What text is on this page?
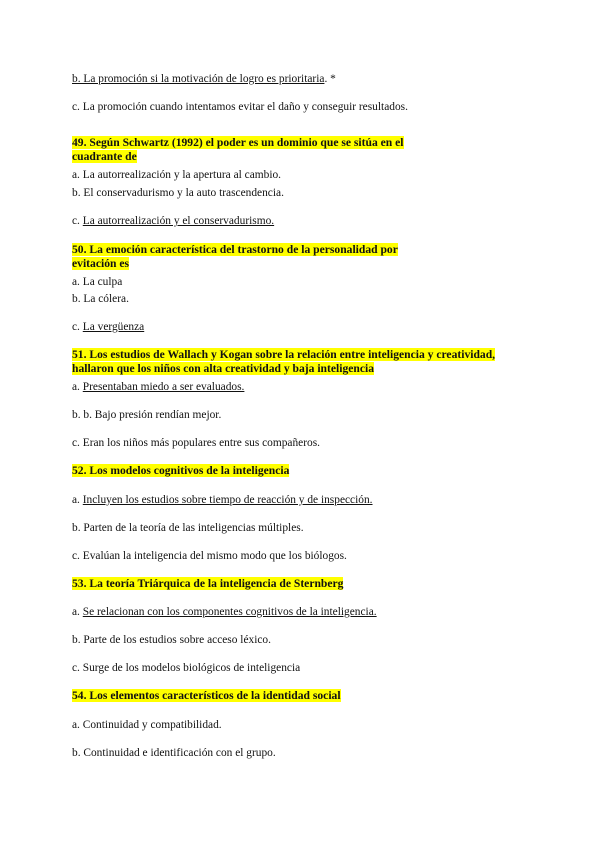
b. La promoción si la motivación de logro es prioritaria. *
c. La promoción cuando intentamos evitar el daño y conseguir resultados.
49. Según Schwartz (1992) el poder es un dominio que se sitúa en el
cuadrante de
a. La autorrealización y la apertura al cambio.
b. El conservadurismo y la auto trascendencia.
c. La autorrealización y el conservadurismo.
50. La emoción característica del trastorno de la personalidad por
evitación es
a. La culpa
b. La cólera.
c. La vergüenza
51. Los estudios de Wallach y Kogan sobre la relación entre inteligencia y creatividad,
hallaron que los niños con alta creatividad y baja inteligencia
a. Presentaban miedo a ser evaluados.
b. b. Bajo presión rendían mejor.
c. Eran los niños más populares entre sus compañeros.
52. Los modelos cognitivos de la inteligencia
a. Incluyen los estudios sobre tiempo de reacción y de inspección.
b. Parten de la teoría de las inteligencias múltiples.
c. Evalúan la inteligencia del mismo modo que los biólogos.
53. La teoría Triárquica de la inteligencia de Sternberg
a. Se relacionan con los componentes cognitivos de la inteligencia.
b. Parte de los estudios sobre acceso léxico.
c. Surge de los modelos biológicos de inteligencia
54. Los elementos característicos de la identidad social
a. Continuidad y compatibilidad.
b. Continuidad e identificación con el grupo.
